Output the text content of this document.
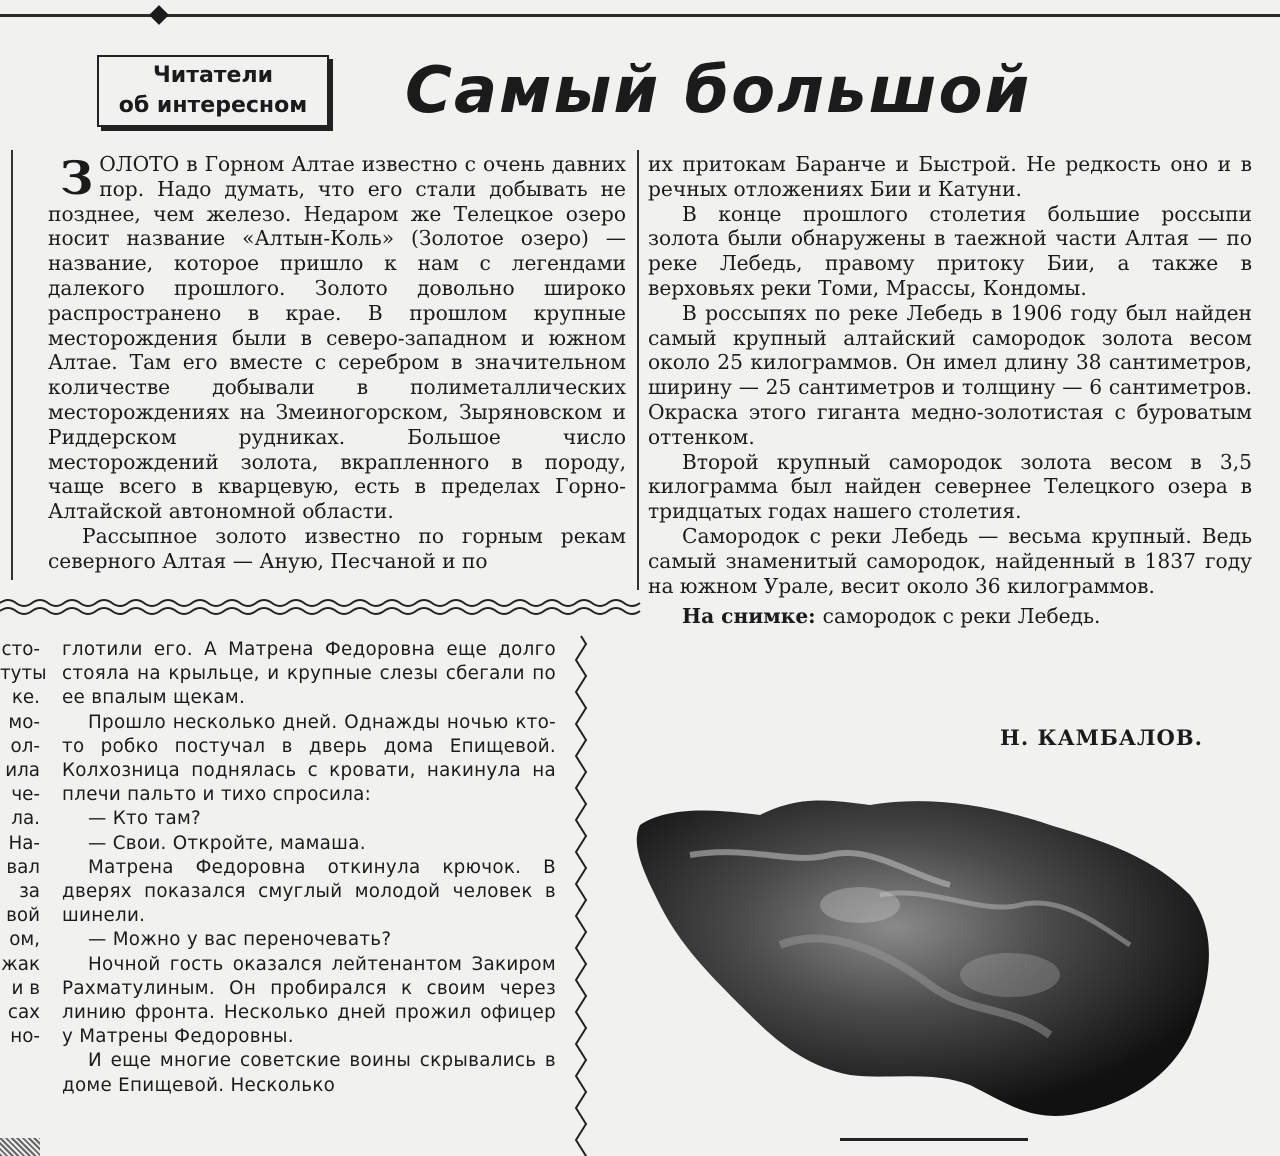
Читатели
об интересном	Самый большой

ЗОЛОТО в Горном Алтае известно с очень давних пор. Надо думать, что его стали добывать не позднее, чем железо. Недаром же Телецкое озеро носит название «Алтын-Коль» (Золотое озеро) — название, которое пришло к нам с легендами далекого прошлого. Золото довольно широко распространено в крае. В прошлом крупные месторождения были в северо-западном и южном Алтае. Там его вместе с серебром в значительном количестве добывали в полиметаллических месторождениях на Змеиногорском, Зыряновском и Риддерском рудниках. Большое число месторождений золота, вкрапленного в породу, чаще всего в кварцевую, есть в пределах Горно-Алтайской автономной области.

Рассыпное золото известно по горным рекам северного Алтая — Аную, Песчаной и по

их притокам Баранче и Быстрой. Не редкость оно и в речных отложениях Бии и Катуни.

В конце прошлого столетия большие россыпи золота были обнаружены в таежной части Алтая — по реке Лебедь, правому притоку Бии, а также в верховьях реки Томи, Мрассы, Кондомы.

В россыпях по реке Лебедь в 1906 году был найден самый крупный алтайский самородок золота весом около 25 килограммов. Он имел длину 38 сантиметров, ширину — 25 сантиметров и толщину — 6 сантиметров. Окраска этого гиганта медно-золотистая с буроватым оттенком.

Второй крупный самородок золота весом в 3,5 килограмма был найден севернее Телецкого озера в тридцатых годах нашего столетия.

Самородок с реки Лебедь — весьма крупный. Ведь самый знаменитый самородок, найденный в 1837 году на южном Урале, весит около 36 килограммов.

На снимке: самородок с реки Лебедь.

Н. КАМБАЛОВ.
сто-
туты
ке.
мо-
ол-
ила
че-
ла.
На-
вал
за
вой
ом,
жак
и в
сах
но-

глотили его. А Матрена Федоровна еще долго стояла на крыльце, и крупные слезы сбегали по ее впалым щекам.

Прошло несколько дней. Однажды ночью кто-то робко постучал в дверь дома Епищевой. Колхозница поднялась с кровати, накинула на плечи пальто и тихо спросила:

— Кто там?

— Свои. Откройте, мамаша.

Матрена Федоровна откинула крючок. В дверях показался смуглый молодой человек в шинели.

— Можно у вас переночевать?

Ночной гость оказался лейтенантом Закиром Рахматулиным. Он пробирался к своим через линию фронта. Несколько дней прожил офицер у Матрены Федоровны.

И еще многие советские воины скрывались в доме Епищевой. Несколько
